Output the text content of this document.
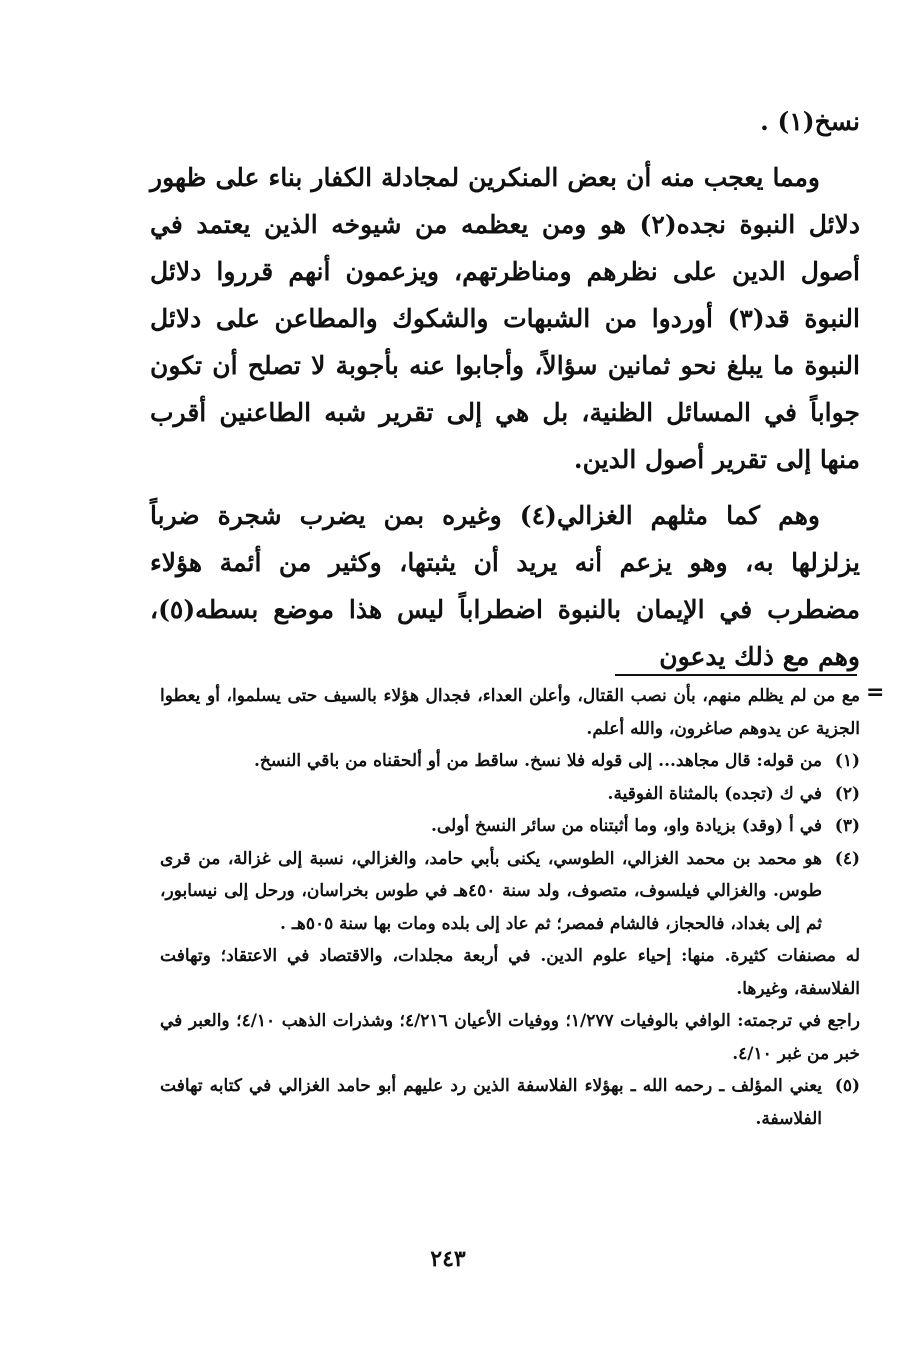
نسخ(١) .

ومما يعجب منه أن بعض المنكرين لمجادلة الكفار بناء على ظهور دلائل النبوة نجده(٢) هو ومن يعظمه من شيوخه الذين يعتمد في أصول الدين على نظرهم ومناظرتهم، ويزعمون أنهم قرروا دلائل النبوة قد(٣) أوردوا من الشبهات والشكوك والمطاعن على دلائل النبوة ما يبلغ نحو ثمانين سؤالاً، وأجابوا عنه بأجوبة لا تصلح أن تكون جواباً في المسائل الظنية، بل هي إلى تقرير شبه الطاعنين أقرب منها إلى تقرير أصول الدين.

وهم كما مثلهم الغزالي(٤) وغيره بمن يضرب شجرة ضرباً يزلزلها به، وهو يزعم أنه يريد أن يثبتها، وكثير من أئمة هؤلاء مضطرب في الإيمان بالنبوة اضطراباً ليس هذا موضع بسطه(٥)، وهم مع ذلك يدعون

=

مع من لم يظلم منهم، بأن نصب القتال، وأعلن العداء، فجدال هؤلاء بالسيف حتى يسلموا، أو يعطوا الجزية عن يدوهم صاغرون، والله أعلم.

(١)
من قوله: قال مجاهد... إلى قوله فلا نسخ. ساقط من أو ألحقناه من باقي النسخ.
(٢)
في ك (تجده) بالمثناة الفوقية.
(٣)
في أ (وقد) بزيادة واو، وما أثبتناه من سائر النسخ أولى.
(٤)
هو محمد بن محمد الغزالي، الطوسي، يكنى بأبي حامد، والغزالي، نسبة إلى غزالة، من قرى طوس. والغزالي فيلسوف، متصوف، ولد سنة ٤٥٠هـ في طوس بخراسان، ورحل إلى نيسابور، ثم إلى بغداد، فالحجاز، فالشام فمصر؛ ثم عاد إلى بلده ومات بها سنة ٥٠٥هـ .

له مصنفات كثيرة. منها: إحياء علوم الدين. في أربعة مجلدات، والاقتصاد في الاعتقاد؛ وتهافت الفلاسفة، وغيرها.

راجع في ترجمته: الوافي بالوفيات ١/٢٧٧؛ ووفيات الأعيان ٤/٢١٦؛ وشذرات الذهب ٤/١٠؛ والعبر في خبر من غبر ٤/١٠.

(٥)
يعني المؤلف ـ رحمه الله ـ بهؤلاء الفلاسفة الذين رد عليهم أبو حامد الغزالي في كتابه تهافت الفلاسفة.
٢٤٣
